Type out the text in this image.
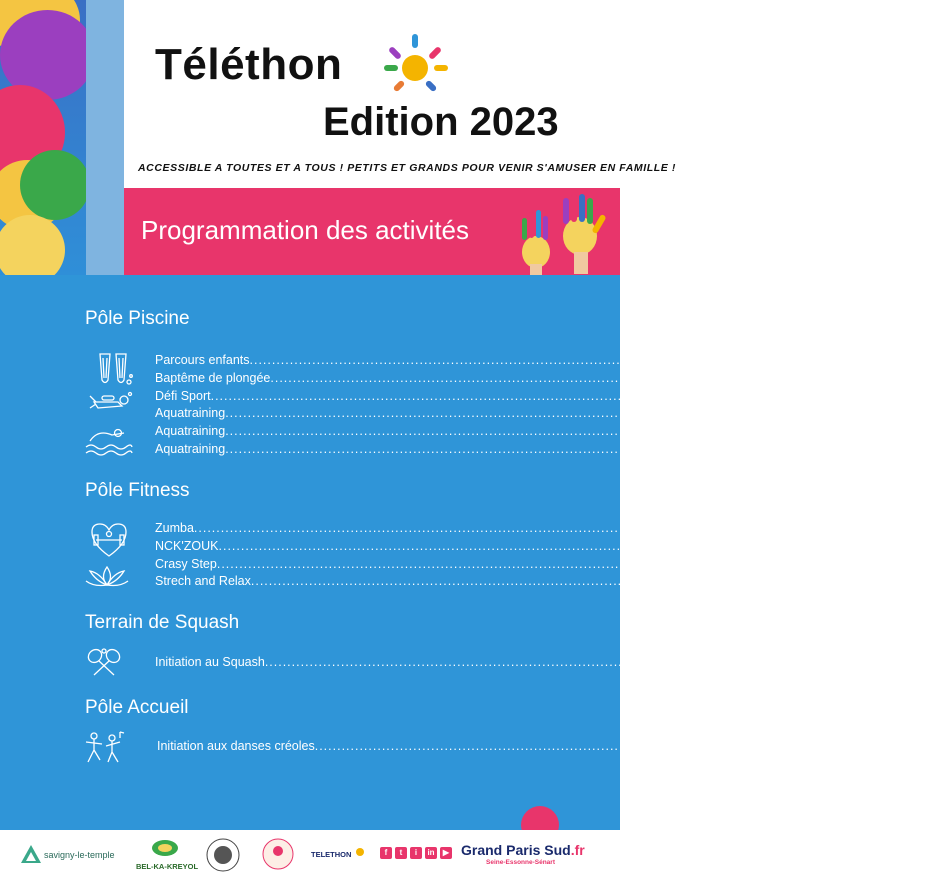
Téléthon
Edition 2023
ACCESSIBLE A TOUTES ET A TOUS ! PETITS ET GRANDS POUR VENIR S'AMUSER EN FAMILLE !
Programmation des activités
Pôle Piscine
Parcours enfants .....	17h30-22h30
Baptême de plongée .....	17h30-22h30
Défi Sport .....	17h30-22h30
Aquatraining .....	18h00-18h45
Aquatraining .....	19h00-19h45
Aquatraining .....	20h00-20h45
Pôle Fitness
Zumba .....	18h30-19h15
NCK'ZOUK .....	19h30-20h15
Crasy Step .....	20h30-21h15
Strech and Relax .....	21h15-22h00
Terrain de Squash
Initiation au Squash .....	18h30-22h30
Pôle Accueil
Initiation aux danses créoles .....	19h00-20h45
savigny-le-temple
BEL-KA-KREYOL
TELETHON	f	t	i	in	▶ Grand Paris Sud.fr
Seine-Essonne-Sénart
